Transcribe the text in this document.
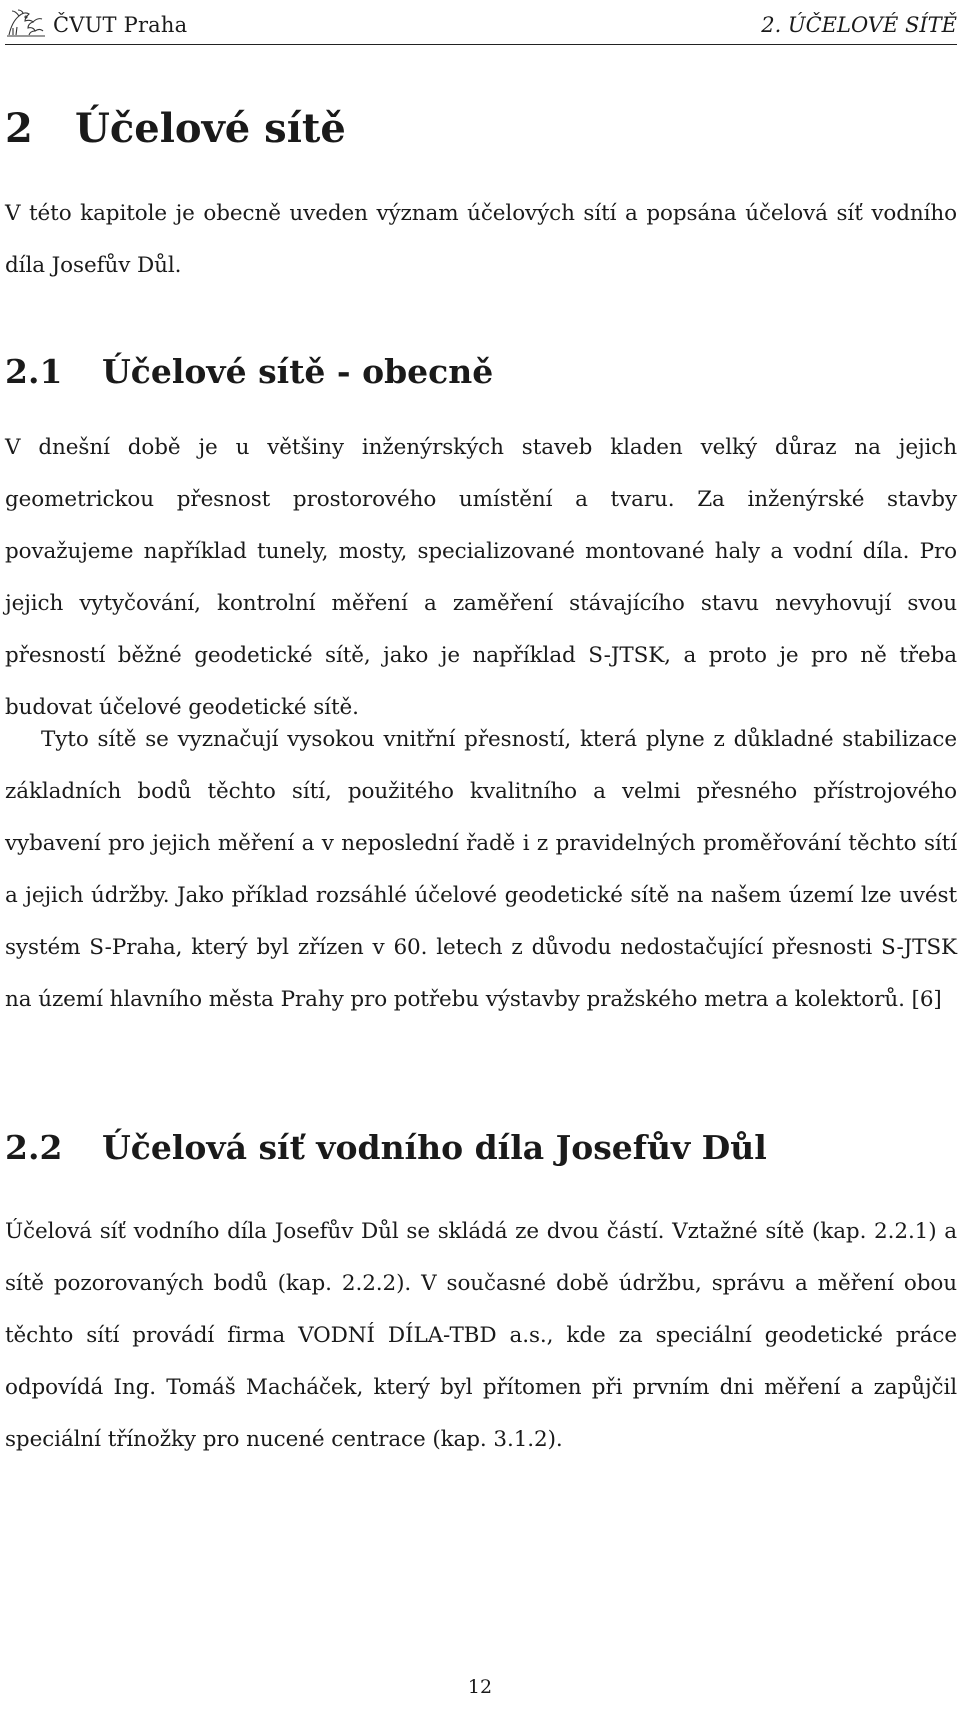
ČVUT Praha	2. ÚČELOVÉ SÍTĚ
2 Účelové sítě

V této kapitole je obecně uveden význam účelových sítí a popsána účelová síť vodního díla Josefův Důl.

2.1 Účelové sítě - obecně

V dnešní době je u většiny inženýrských staveb kladen velký důraz na jejich geometrickou přesnost prostorového umístění a tvaru. Za inženýrské stavby považujeme například tunely, mosty, specializované montované haly a vodní díla. Pro jejich vytyčování, kontrolní měření a zaměření stávajícího stavu nevyhovují svou přesností běžné geodetické sítě, jako je například S-JTSK, a proto je pro ně třeba budovat účelové geodetické sítě.

Tyto sítě se vyznačují vysokou vnitřní přesností, která plyne z důkladné stabilizace základních bodů těchto sítí, použitého kvalitního a velmi přesného přístrojového vybavení pro jejich měření a v neposlední řadě i z pravidelných proměřování těchto sítí a jejich údržby. Jako příklad rozsáhlé účelové geodetické sítě na našem území lze uvést systém S-Praha, který byl zřízen v 60. letech z důvodu nedostačující přesnosti S-JTSK na území hlavního města Prahy pro potřebu výstavby pražského metra a kolektorů. [6]

2.2 Účelová síť vodního díla Josefův Důl

Účelová síť vodního díla Josefův Důl se skládá ze dvou částí. Vztažné sítě (kap. 2.2.1) a sítě pozorovaných bodů (kap. 2.2.2). V současné době údržbu, správu a měření obou těchto sítí provádí firma VODNÍ DÍLA-TBD a.s., kde za speciální geodetické práce odpovídá Ing. Tomáš Macháček, který byl přítomen při prvním dni měření a zapůjčil speciální třínožky pro nucené centrace (kap. 3.1.2).

12
